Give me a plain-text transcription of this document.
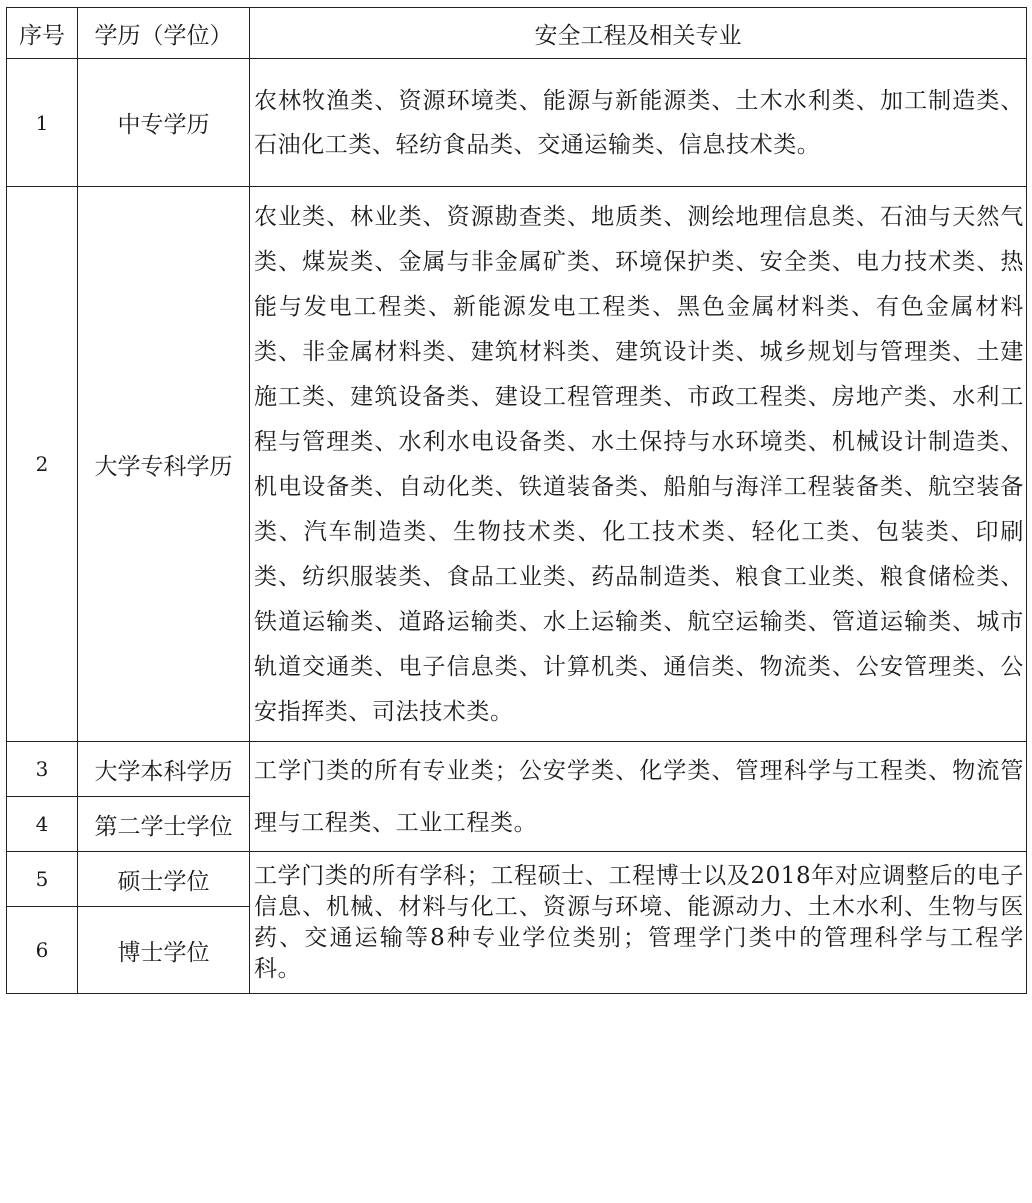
序号	学历（学位）	安全工程及相关专业
1	中专学历	农林牧渔类、资源环境类、能源与新能源类、土木水利类、加工制造类、石油化工类、轻纺食品类、交通运输类、信息技术类。
2	大学专科学历	农业类、林业类、资源勘查类、地质类、测绘地理信息类、石油与天然气类、煤炭类、金属与非金属矿类、环境保护类、安全类、电力技术类、热能与发电工程类、新能源发电工程类、黑色金属材料类、有色金属材料类、非金属材料类、建筑材料类、建筑设计类、城乡规划与管理类、土建施工类、建筑设备类、建设工程管理类、市政工程类、房地产类、水利工程与管理类、水利水电设备类、水土保持与水环境类、机械设计制造类、机电设备类、自动化类、铁道装备类、船舶与海洋工程装备类、航空装备类、汽车制造类、生物技术类、化工技术类、轻化工类、包装类、印刷类、纺织服装类、食品工业类、药品制造类、粮食工业类、粮食储检类、铁道运输类、道路运输类、水上运输类、航空运输类、管道运输类、城市轨道交通类、电子信息类、计算机类、通信类、物流类、公安管理类、公安指挥类、司法技术类。
3	大学本科学历	工学门类的所有专业类；公安学类、化学类、管理科学与工程类、物流管理与工程类、工业工程类。
4	第二学士学位	
5	硕士学位	工学门类的所有学科；工程硕士、工程博士以及2018年对应调整后的电子信息、机械、材料与化工、资源与环境、能源动力、土木水利、生物与医药、交通运输等8种专业学位类别；管理学门类中的管理科学与工程学科。
6	博士学位	
